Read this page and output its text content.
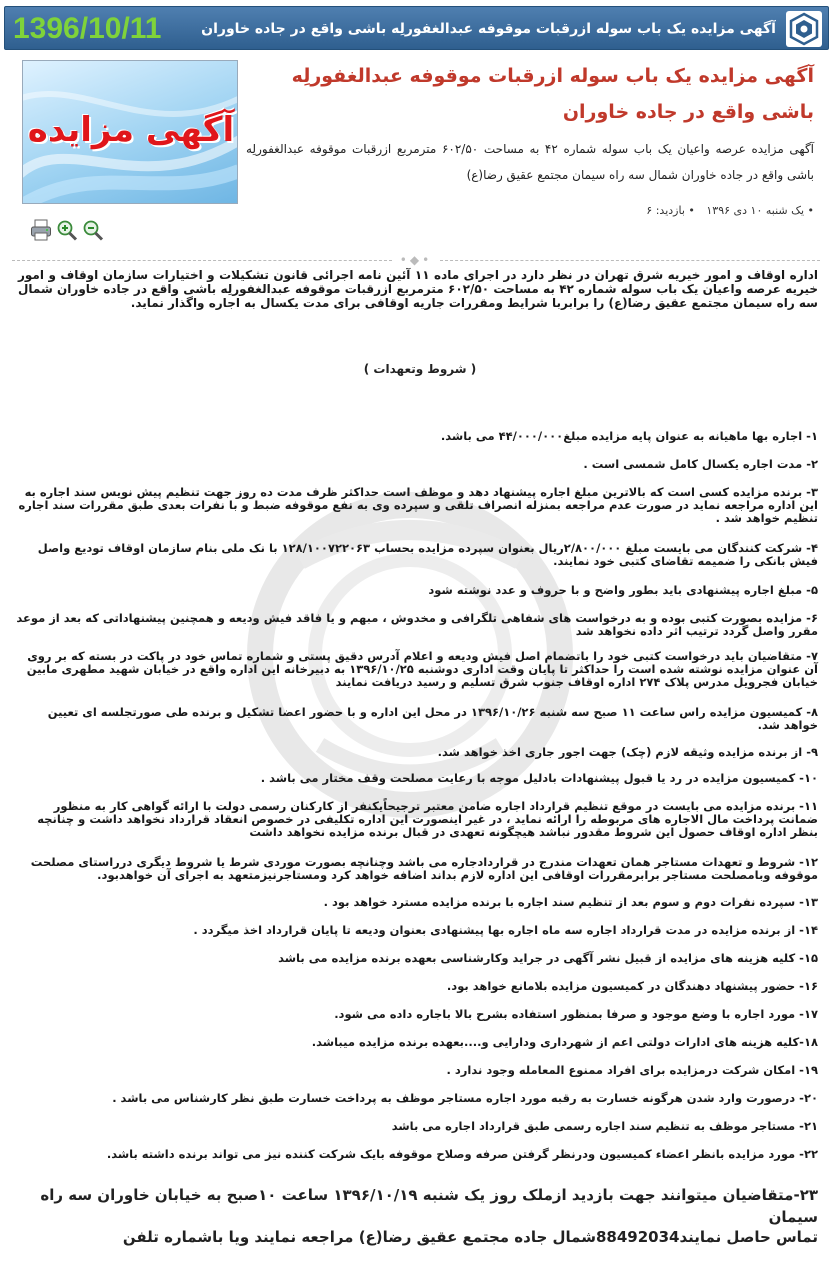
1396/10/11	آگهی مزایده یک باب سوله ازرقبات موقوفه عبدالغفورلِه باشی واقع در جاده خاوران
آگهی مزایده
آگهی مزایده یک باب سوله ازرقبات موقوفه عبدالغفورلِه باشی واقع در جاده خاوران
آگهی مزایده عرصه واعیان یک باب سوله شماره ۴۲ به مساحت ۶۰۲/۵۰ مترمربع ازرقبات موقوفه عبدالغفورلِه باشی واقع در جاده خاوران شمال سه راه سیمان مجتمع عقیق رضا(ع)
• یک شنبه ۱۰ دی ۱۳۹۶ • بازدید: ۶
•◆•
اداره اوقاف و امور خیریه شرق تهران در نظر دارد در اجرای ماده ۱۱ آئین نامه اجرائی قانون تشکیلات و اختیارات سازمان اوقاف و امور خیریه عرصه واعیان یک باب سوله شماره ۴۲ به مساحت ۶۰۲/۵۰ مترمربع ازرقبات موقوفه عبدالغفورلِه باشی واقع در جاده خاوران شمال سه راه سیمان مجتمع عقیق رضا(ع) را برابربا شرایط ومقررات جاریه اوقافی برای مدت یکسال به اجاره واگذار نماید.
( شروط وتعهدات )
۱- اجاره بها ماهیانه به عنوان پایه مزایده مبلغ۴۴/۰۰۰/۰۰۰ می باشد.
۲- مدت اجاره یکسال کامل شمسی است .
۳- برنده مزایده کسی است که بالاترین مبلغ اجاره پیشنهاد دهد و موظف است حداکثر ظرف مدت ده روز جهت تنظیم پیش نویس سند اجاره به این اداره مراجعه نماید در صورت عدم مراجعه بمنزله انصراف تلقی و سپرده وی به نفع موقوفه ضبط و با نفرات بعدی طبق مقررات سند اجاره تنظیم خواهد شد .
۴- شرکت کنندگان می بایست مبلغ ۲/۸۰۰/۰۰۰ریال بعنوان سپرده مزایده بحساب ۱۲۸/۱۰۰۷۲۲۰۶۳ با نک ملی بنام سازمان اوقاف توديع واصل فیش بانکی را ضمیمه تقاضای کتبی خود نمایند.
۵- مبلغ اجاره پیشنهادی باید بطور واضح و با حروف و عدد نوشته شود
۶- مزایده بصورت کتبی بوده و به درخواست های شفاهی تلگرافی و مخدوش ، مبهم و یا فاقد فیش ودیعه و همچنین پیشنهاداتی که بعد از موعد مقرر واصل گردد ترتیب اثر داده نخواهد شد
۷- متقاضیان باید درخواست کتبی خود را باتضمام اصل فیش ودیعه و اعلام آدرس دقیق پستی و شماره تماس خود در پاکت در بسته که بر روی آن عنوان مزایده نوشته شده است را حداکثر تا پایان وقت اداری دوشنبه ۱۳۹۶/۱۰/۲۵ به دبیرخانه این اداره واقع در خیابان شهید مطهری مابین خیابان فجرویل مدرس پلاک ۲۷۴ اداره اوقاف جنوب شرق تسلیم و رسید دریافت نمایند
۸- کمیسیون مزایده راس ساعت ۱۱ صبح سه شنبه ۱۳۹۶/۱۰/۲۶ در محل این اداره و با حضور اعضا تشکیل و برنده طی صورتجلسه ای تعیین خواهد شد.
۹- از برنده مزایده وثیقه لازم (چک) جهت اجور جاری اخذ خواهد شد.
۱۰- کمیسیون مزایده در رد یا قبول پیشنهادات بادلیل موجه با رعایت مصلحت وقف مختار می باشد .
۱۱- برنده مزایده می بایست در موقع تنظیم قرارداد اجاره ضامن معتبر ترجیحاًیکنفر از کارکنان رسمی دولت با ارائه گواهی کار به منظور ضمانت پرداخت مال الاجاره های مربوطه را ارائه نماید ، در غیر اینصورت این اداره تکلیفی در خصوص انعقاد قرارداد نخواهد داشت و چنانچه بنظر اداره اوقاف حصول این شروط مقدور نباشد هیچگونه تعهدی در قبال برنده مزایده نخواهد داشت
۱۲- شروط و تعهدات مستاجر همان تعهدات مندرج در قراردادجاره می باشد وچنانچه بصورت موردی شرط یا شروط دیگری درراستای مصلحت موقوفه وبامصلحت مستاجر برابرمقررات اوقافی این اداره لازم بداند اضافه خواهد کرد ومستاجرنیزمتعهد به اجرای آن خواهدبود.
۱۳- سپرده نفرات دوم و سوم بعد از تنظیم سند اجاره با برنده مزایده مسترد خواهد بود .
۱۴- از برنده مزایده در مدت قرارداد اجاره سه ماه اجاره بها پیشنهادی بعنوان ودیعه تا پایان قرارداد اخذ میگردد .
۱۵- کلیه هزینه های مزایده از قبیل نشر آگهی در جراید وکارشناسی بعهده برنده مزایده می باشد
۱۶- حضور پیشنهاد دهندگان در کمیسیون مزایده بلامانع خواهد بود.
۱۷- مورد اجاره با وضع موجود و صرفا بمنظور استفاده بشرح بالا باجاره داده می شود.
۱۸-کلیه هزینه های ادارات دولتی اعم از شهرداری ودارایی و....بعهده برنده مزایده میباشد.
۱۹- امکان شرکت درمزایده برای افراد ممنوع المعامله وجود ندارد .
۲۰- درصورت وارد شدن هرگونه خسارت به رقبه مورد اجاره مستاجر موظف به پرداخت خسارت طبق نظر کارشناس می باشد .
۲۱- مستاجر موظف به تنظیم سند اجاره رسمی طبق قرارداد اجاره می باشد
۲۲- مورد مزایده بانظر اعضاء کمیسیون ودرنظر گرفتن صرفه وصلاح موقوفه بایک شرکت کننده نیز می تواند برنده داشته باشد.
۲۳-متقاضیان میتوانند جهت بازدید ازملک روز یک شنبه ۱۳۹۶/۱۰/۱۹ ساعت ۱۰صبح به خیابان خاوران سه راه سیمان
تماس حاصل نمایند88492034شمال جاده مجتمع عقیق رضا(ع) مراجعه نمایند ویا باشماره تلفن
